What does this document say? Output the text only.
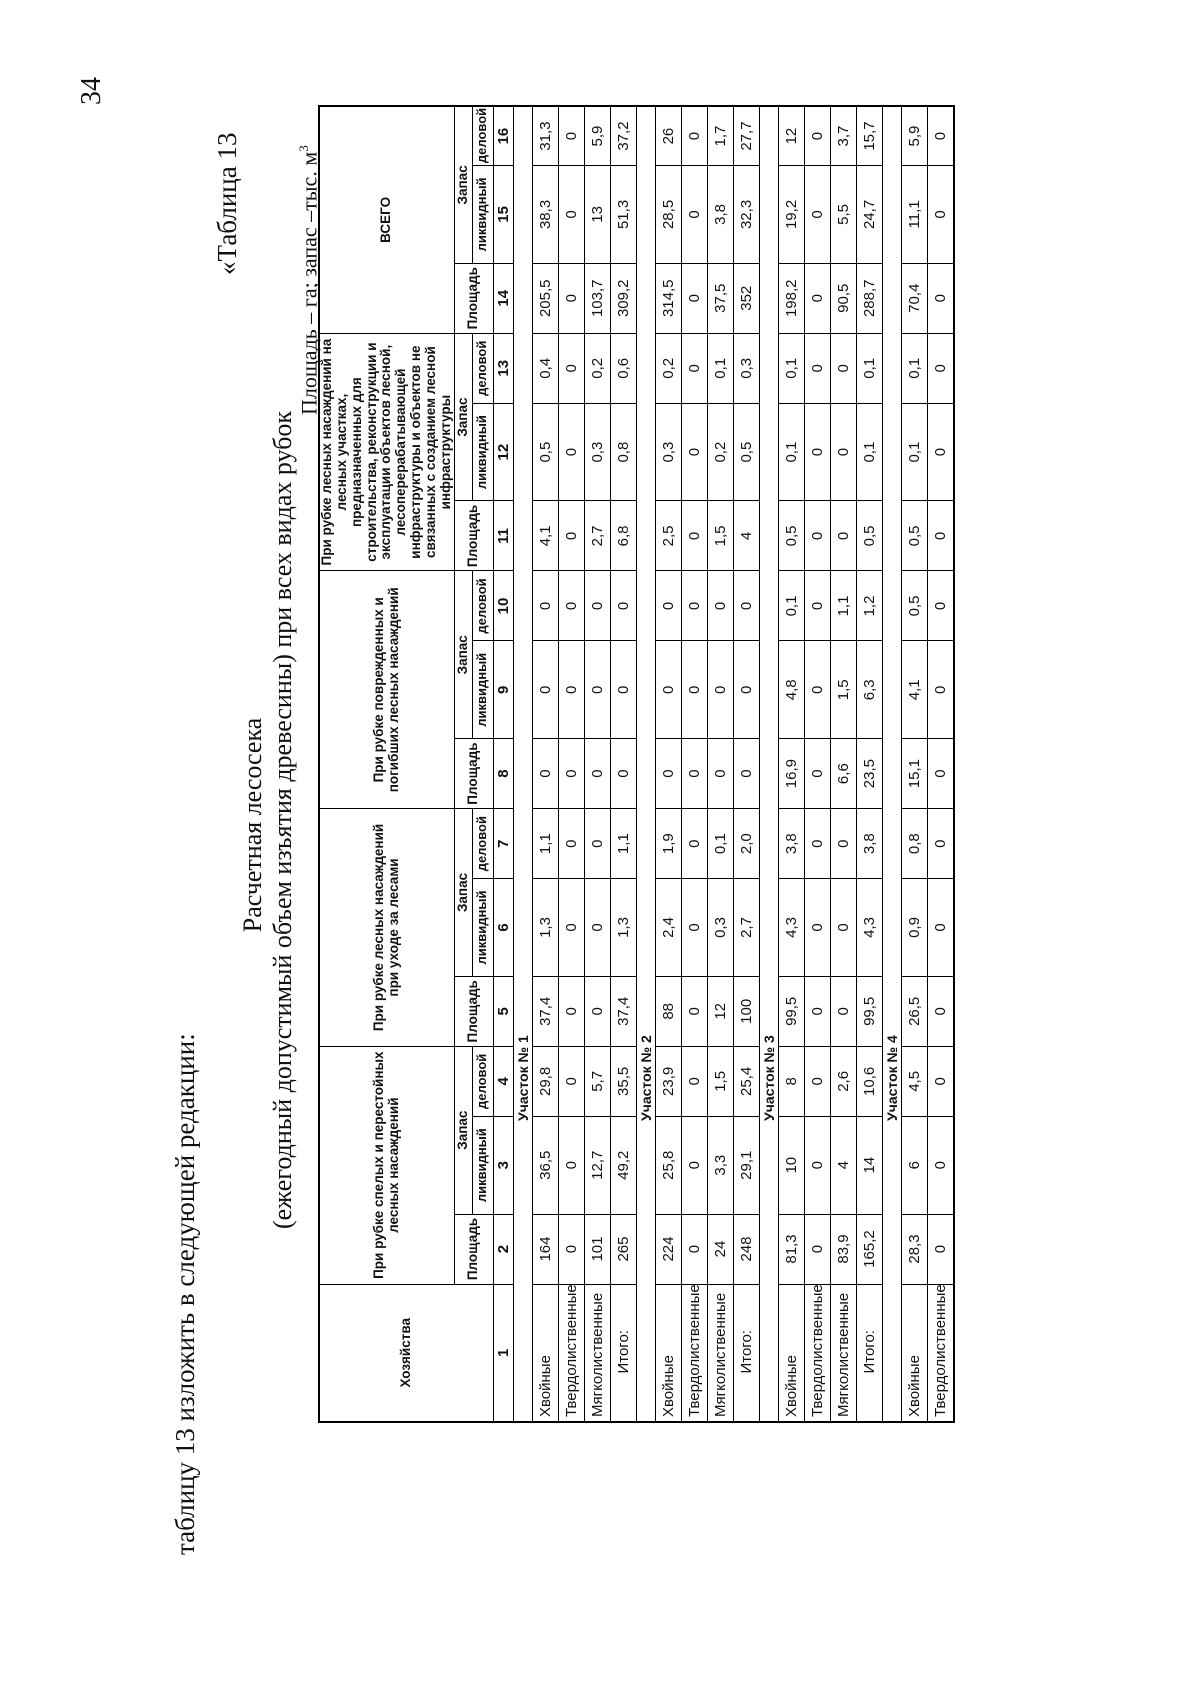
34
«Таблица 13
таблицу 13 изложить в следующей редакции:
Расчетная лесосека (ежегодный допустимый объем изъятия древесины) при всех видах рубок
Площадь – га; запас –тыс. $м^3$
Хозяйства	При рубке спелых и перестойных лесных насаждений			При рубке лесных насаждений при уходе за лесами			При рубке поврежденных и погибших лесных насаждений			При рубке лесных насаждений на лесных участках, предназначенных для строительства, реконструкции и эксплуатации объектов лесной, лесоперерабатывающей инфраструктуры и объектов не связанных с созданием лесной инфраструктуры			ВСЕГО		
	Площадь	Запас		Площадь	Запас		Площадь	Запас		Площадь	Запас		Площадь	Запас	
		ликвидный	деловой		ликвидный	деловой		ликвидный	деловой		ликвидный	деловой		ликвидный	деловой
1	2	3	4	5	6	7	8	9	10	11	12	13	14	15	16
Участок № 1															
Хвойные	164	36,5	29,8	37,4	1,3	1,1	0	0	0	4,1	0,5	0,4	205,5	38,3	31,3
Твердолиственные	0	0	0	0	0	0	0	0	0	0	0	0	0	0	0
Мягколиственные	101	12,7	5,7	0	0	0	0	0	0	2,7	0,3	0,2	103,7	13	5,9
Итого:	265	49,2	35,5	37,4	1,3	1,1	0	0	0	6,8	0,8	0,6	309,2	51,3	37,2
Участок № 2															
Хвойные	224	25,8	23,9	88	2,4	1,9	0	0	0	2,5	0,3	0,2	314,5	28,5	26
Твердолиственные	0	0	0	0	0	0	0	0	0	0	0	0	0	0	0
Мягколиственные	24	3,3	1,5	12	0,3	0,1	0	0	0	1,5	0,2	0,1	37,5	3,8	1,7
Итого:	248	29,1	25,4	100	2,7	2,0	0	0	0	4	0,5	0,3	352	32,3	27,7
Участок № 3															
Хвойные	81,3	10	8	99,5	4,3	3,8	16,9	4,8	0,1	0,5	0,1	0,1	198,2	19,2	12
Твердолиственные	0	0	0	0	0	0	0	0	0	0	0	0	0	0	0
Мягколиственные	83,9	4	2,6	0	0	0	6,6	1,5	1,1	0	0	0	90,5	5,5	3,7
Итого:	165,2	14	10,6	99,5	4,3	3,8	23,5	6,3	1,2	0,5	0,1	0,1	288,7	24,7	15,7
Участок № 4															
Хвойные	28,3	6	4,5	26,5	0,9	0,8	15,1	4,1	0,5	0,5	0,1	0,1	70,4	11,1	5,9
Твердолиственные	0	0	0	0	0	0	0	0	0	0	0	0	0	0	0
